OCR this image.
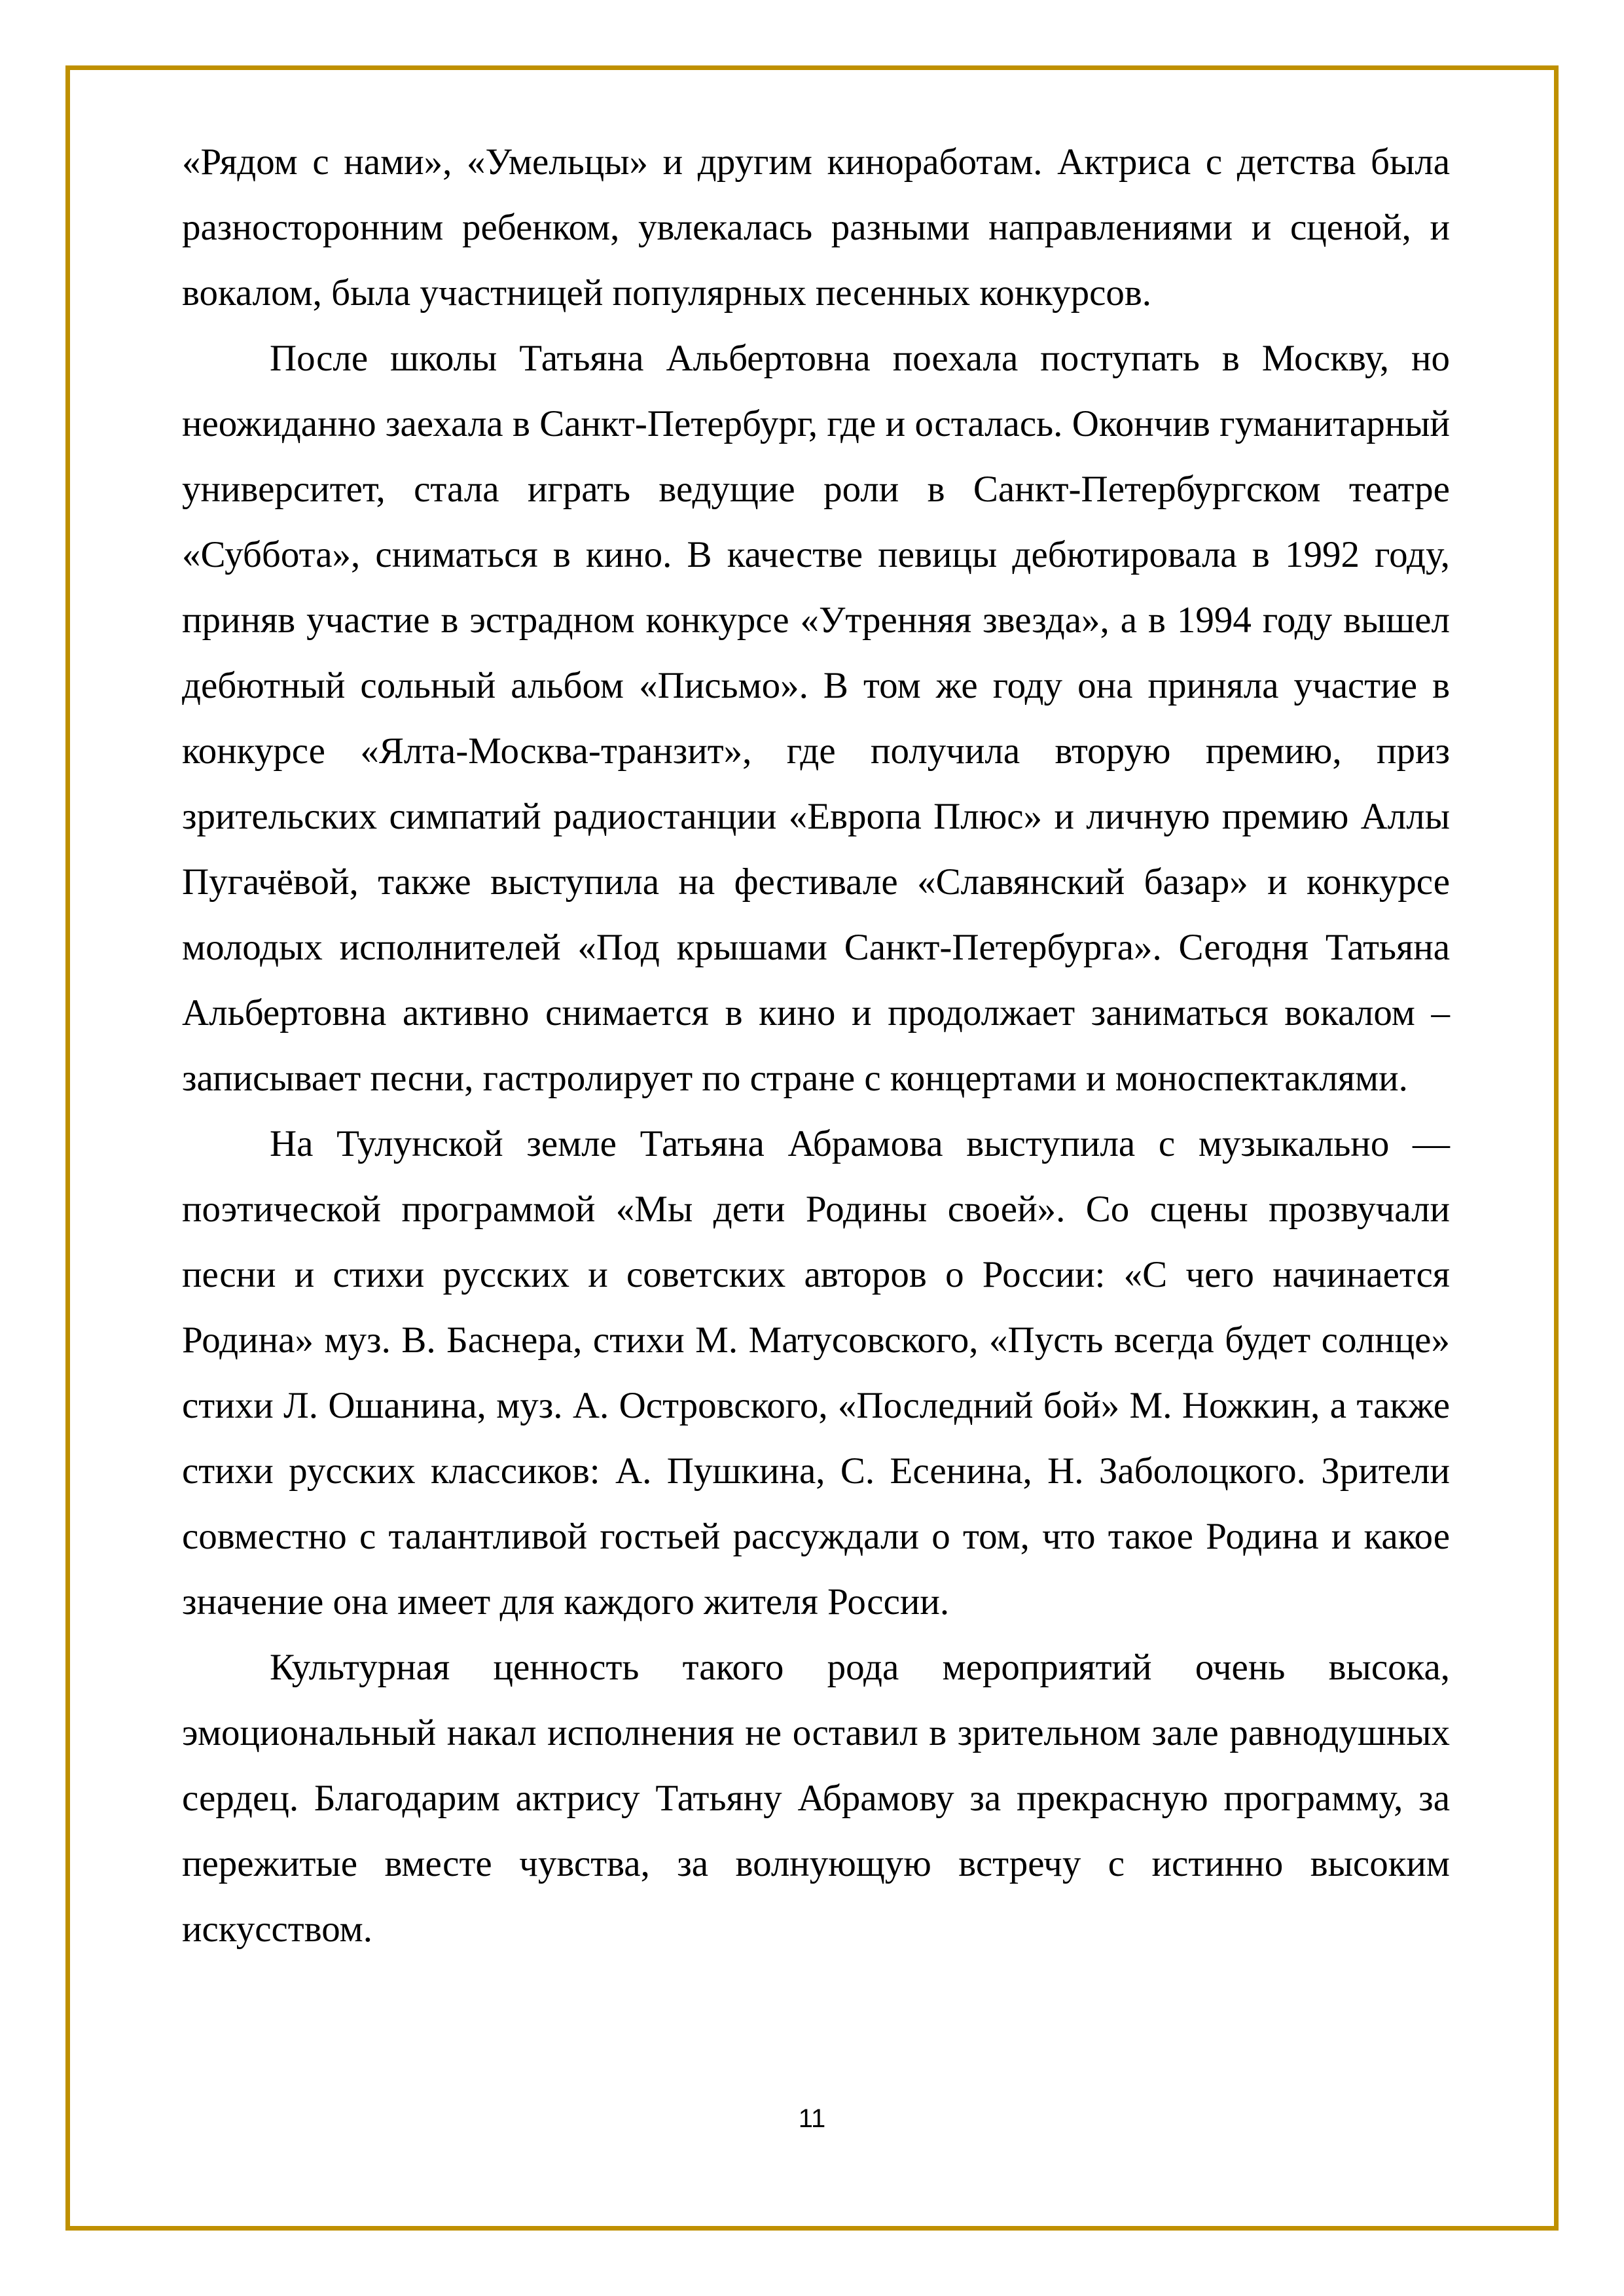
«Рядом с нами», «Умельцы» и другим киноработам. Актриса с детства была разносторонним ребенком, увлекалась разными направлениями и сценой, и вокалом, была участницей популярных песенных конкурсов.

После школы Татьяна Альбертовна поехала поступать в Москву, но неожиданно заехала в Санкт-Петербург, где и осталась. Окончив гуманитарный университет, стала играть ведущие роли в Санкт-Петербургском театре «Суббота», сниматься в кино. В качестве певицы дебютировала в 1992 году, приняв участие в эстрадном конкурсе «Утренняя звезда», а в 1994 году вышел дебютный сольный альбом «Письмо». В том же году она приняла участие в конкурсе «Ялта-Москва-транзит», где получила вторую премию, приз зрительских симпатий радиостанции «Европа Плюс» и личную премию Аллы Пугачёвой, также выступила на фестивале «Славянский базар» и конкурсе молодых исполнителей «Под крышами Санкт-Петербурга». Сегодня Татьяна Альбертовна активно снимается в кино и продолжает заниматься вокалом – записывает песни, гастролирует по стране с концертами и моноспектаклями.

На Тулунской земле Татьяна Абрамова выступила с музыкально — поэтической программой «Мы дети Родины своей». Со сцены прозвучали песни и стихи русских и советских авторов о России: «С чего начинается Родина» муз. В. Баснера, стихи М. Матусовского, «Пусть всегда будет солнце» стихи Л. Ошанина, муз. А. Островского, «Последний бой» М. Ножкин, а также стихи русских классиков: А. Пушкина, С. Есенина, Н. Заболоцкого. Зрители совместно с талантливой гостьей рассуждали о том, что такое Родина и какое значение она имеет для каждого жителя России.

Культурная ценность такого рода мероприятий очень высока, эмоциональный накал исполнения не оставил в зрительном зале равнодушных сердец. Благодарим актрису Татьяну Абрамову за прекрасную программу, за пережитые вместе чувства, за волнующую встречу с истинно высоким искусством.

11
